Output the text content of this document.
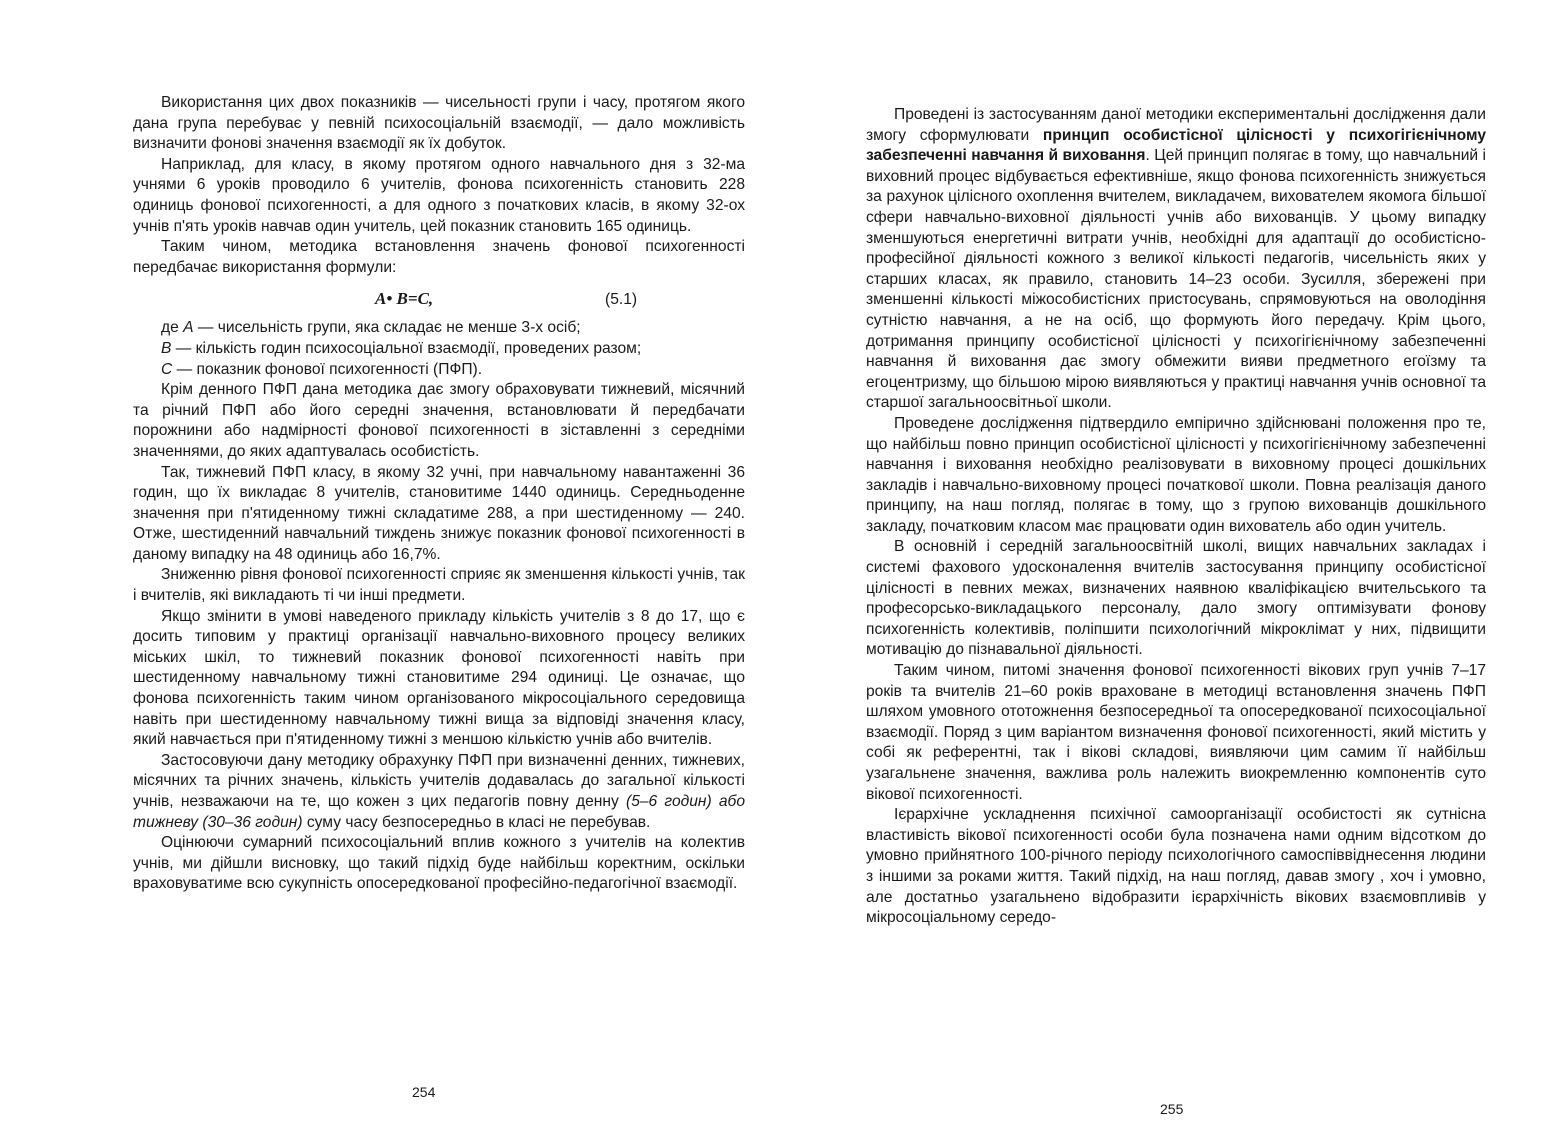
Використання цих двох показників — чисельності групи і часу, протягом якого дана група перебуває у певній психосоціальній взаємодії, — дало можливість визначити фонові значення взаємодії як їх добуток.

Наприклад, для класу, в якому протягом одного навчального дня з 32-ма учнями 6 уроків проводило 6 учителів, фонова психогенність становить 228 одиниць фонової психогенності, а для одного з початкових класів, в якому 32-ох учнів п'ять уроків навчав один учитель, цей показник становить 165 одиниць.

Таким чином, методика встановлення значень фонової психогенності передбачає використання формули:

А• В=С,	(5.1)

де А — чисельність групи, яка складає не менше 3-х осіб;

В — кількість годин психосоціальної взаємодії, проведених разом;

С — показник фонової психогенності (ПФП).

Крім денного ПФП дана методика дає змогу обраховувати тижневий, місячний та річний ПФП або його середні значення, встановлювати й передбачати порожнини або надмірності фонової психогенності в зіставленні з середніми значеннями, до яких адаптувалась особистість.

Так, тижневий ПФП класу, в якому 32 учні, при навчальному навантаженні 36 годин, що їх викладає 8 учителів, становитиме 1440 одиниць. Середньоденне значення при п'ятиденному тижні складатиме 288, а при шестиденному — 240. Отже, шестиденний навчальний тиждень знижує показник фонової психогенності в даному випадку на 48 одиниць або 16,7%.

Зниженню рівня фонової психогенності сприяє як зменшення кількості учнів, так і вчителів, які викладають ті чи інші предмети.

Якщо змінити в умові наведеного прикладу кількість учителів з 8 до 17, що є досить типовим у практиці організації навчально-виховного процесу великих міських шкіл, то тижневий показник фонової психогенності навіть при шестиденному навчальному тижні становитиме 294 одиниці. Це означає, що фонова психогенність таким чином організованого мікросоціального середовища навіть при шестиденному навчальному тижні вища за відповіді значення класу, який навчається при п'ятиденному тижні з меншою кількістю учнів або вчителів.

Застосовуючи дану методику обрахунку ПФП при визначенні денних, тижневих, місячних та річних значень, кількість учителів додавалась до загальної кількості учнів, незважаючи на те, що кожен з цих педагогів повну денну (5–6 годин) або тижневу (30–36 годин) суму часу безпосередньо в класі не перебував.

Оцінюючи сумарний психосоціальний вплив кожного з учителів на колектив учнів, ми дійшли висновку, що такий підхід буде найбільш коректним, оскільки враховуватиме всю сукупність опосередкованої професійно-педагогічної взаємодії.

254

Проведені із застосуванням даної методики експериментальні дослідження дали змогу сформулювати принцип особистісної цілісності у психогігієнічному забезпеченні навчання й виховання. Цей принцип полягає в тому, що навчальний і виховний процес відбувається ефективніше, якщо фонова психогенність знижується за рахунок цілісного охоплення вчителем, викладачем, вихователем якомога більшої сфери навчально-виховної діяльності учнів або вихованців. У цьому випадку зменшуються енергетичні витрати учнів, необхідні для адаптації до особистісно-професійної діяльності кожного з великої кількості педагогів, чисельність яких у старших класах, як правило, становить 14–23 особи. Зусилля, збережені при зменшенні кількості міжособистісних пристосувань, спрямовуються на оволодіння сутністю навчання, а не на осіб, що формують його передачу. Крім цього, дотримання принципу особистісної цілісності у психогігієнічному забезпеченні навчання й виховання дає змогу обмежити вияви предметного егоїзму та егоцентризму, що більшою мірою виявляються у практиці навчання учнів основної та старшої загальноосвітньої школи.

Проведене дослідження підтвердило емпірично здійснювані положення про те, що найбільш повно принцип особистісної цілісності у психогігієнічному забезпеченні навчання і виховання необхідно реалізовувати в виховному процесі дошкільних закладів і навчально-виховному процесі початкової школи. Повна реалізація даного принципу, на наш погляд, полягає в тому, що з групою вихованців дошкільного закладу, початковим класом має працювати один вихователь або один учитель.

В основній і середній загальноосвітній школі, вищих навчальних закладах і системі фахового удосконалення вчителів застосування принципу особистісної цілісності в певних межах, визначених наявною кваліфікацією вчительського та професорсько-викладацького персоналу, дало змогу оптимізувати фонову психогенність колективів, поліпшити психологічний мікроклімат у них, підвищити мотивацію до пізнавальної діяльності.

Таким чином, питомі значення фонової психогенності вікових груп учнів 7–17 років та вчителів 21–60 років враховане в методиці встановлення значень ПФП шляхом умовного ототожнення безпосередньої та опосередкованої психосоціальної взаємодії. Поряд з цим варіантом визначення фонової психогенності, який містить у собі як референтні, так і вікові складові, виявляючи цим самим її найбільш узагальнене значення, важлива роль належить виокремленню компонентів суто вікової психогенності.

Ієрархічне ускладнення психічної самоорганізації особистості як сутнісна властивість вікової психогенності особи була позначена нами одним відсотком до умовно прийнятного 100-річного періоду психологічного самоспіввіднесення людини з іншими за роками життя. Такий підхід, на наш погляд, давав змогу , хоч і умовно, але достатньо узагальнено відобразити ієрархічність вікових взаємовпливів у мікросоціальному середо-

255
